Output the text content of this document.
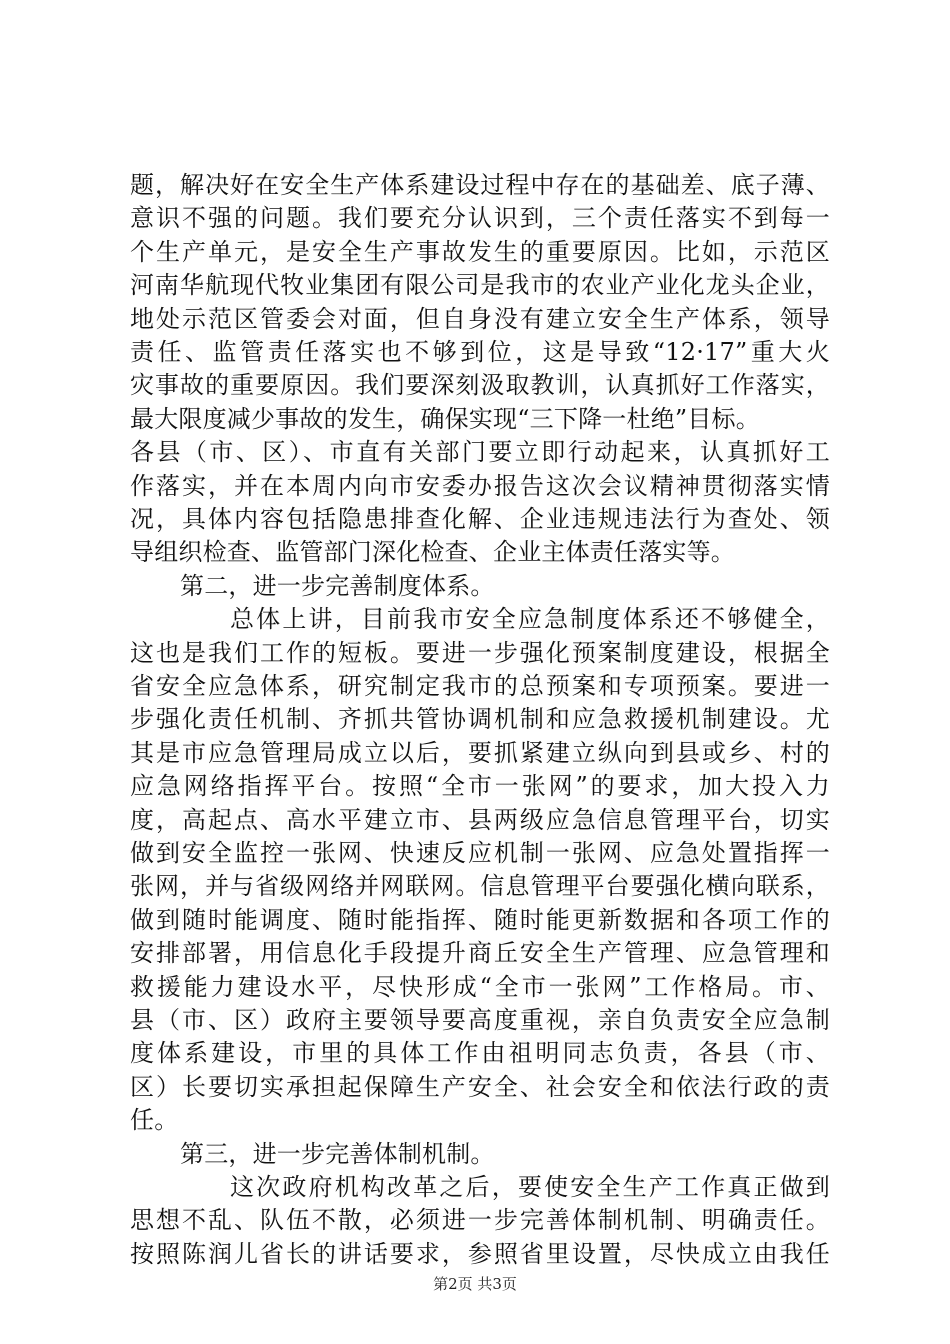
题，解决好在安全生产体系建设过程中存在的基础差、底子薄、
意识不强的问题。我们要充分认识到，三个责任落实不到每一
个生产单元，是安全生产事故发生的重要原因。比如，示范区
河南华航现代牧业集团有限公司是我市的农业产业化龙头企业，
地处示范区管委会对面，但自身没有建立安全生产体系，领导
责任、监管责任落实也不够到位，这是导致“12·17”重大火
灾事故的重要原因。我们要深刻汲取教训，认真抓好工作落实，
最大限度减少事故的发生，确保实现“三下降一杜绝”目标。
各县（市、区）、市直有关部门要立即行动起来，认真抓好工
作落实，并在本周内向市安委办报告这次会议精神贯彻落实情
况，具体内容包括隐患排查化解、企业违规违法行为查处、领
导组织检查、监管部门深化检查、企业主体责任落实等。
第二，进一步完善制度体系。
总体上讲，目前我市安全应急制度体系还不够健全，
这也是我们工作的短板。要进一步强化预案制度建设，根据全
省安全应急体系，研究制定我市的总预案和专项预案。要进一
步强化责任机制、齐抓共管协调机制和应急救援机制建设。尤
其是市应急管理局成立以后，要抓紧建立纵向到县或乡、村的
应急网络指挥平台。按照“全市一张网”的要求，加大投入力
度，高起点、高水平建立市、县两级应急信息管理平台，切实
做到安全监控一张网、快速反应机制一张网、应急处置指挥一
张网，并与省级网络并网联网。信息管理平台要强化横向联系，
做到随时能调度、随时能指挥、随时能更新数据和各项工作的
安排部署，用信息化手段提升商丘安全生产管理、应急管理和
救援能力建设水平，尽快形成“全市一张网”工作格局。市、
县（市、区）政府主要领导要高度重视，亲自负责安全应急制
度体系建设，市里的具体工作由祖明同志负责，各县（市、
区）长要切实承担起保障生产安全、社会安全和依法行政的责
任。
第三，进一步完善体制机制。
这次政府机构改革之后，要使安全生产工作真正做到
思想不乱、队伍不散，必须进一步完善体制机制、明确责任。
按照陈润儿省长的讲话要求，参照省里设置，尽快成立由我任
第2页 共3页
